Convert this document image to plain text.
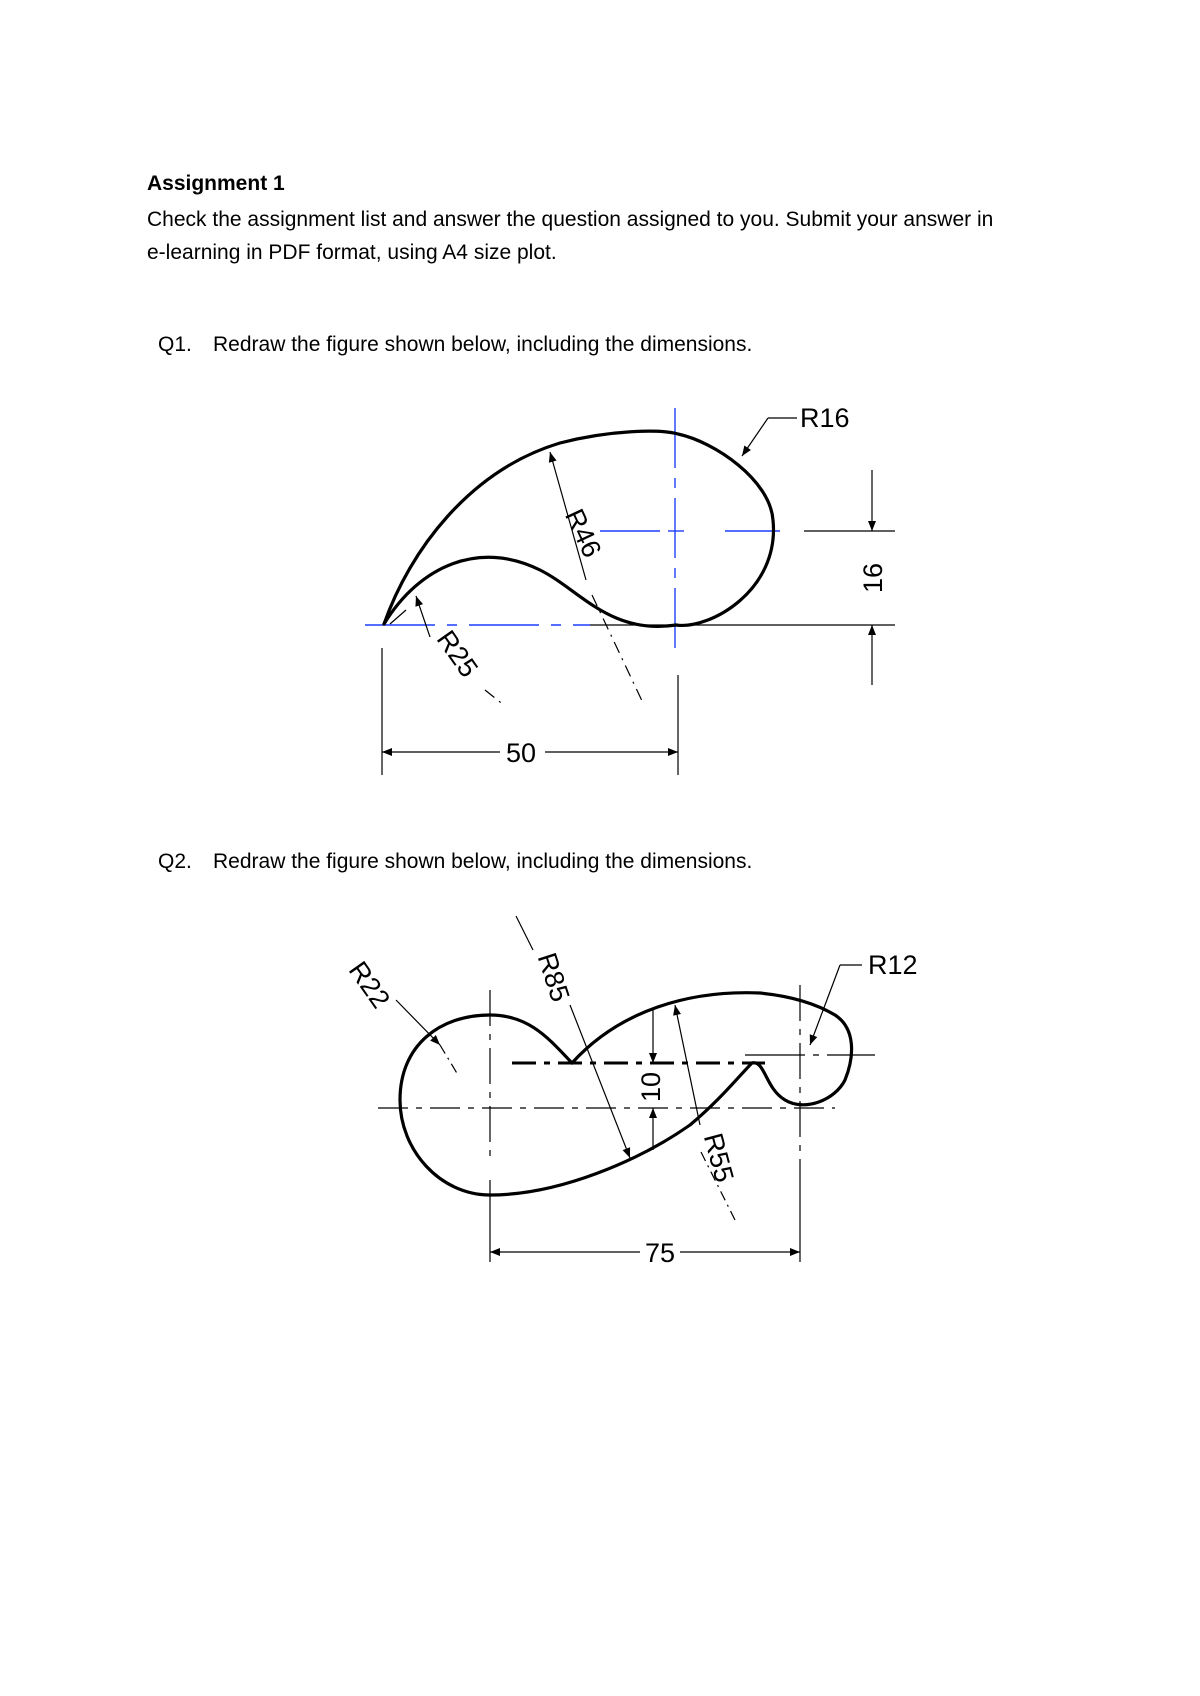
Assignment 1
Check the assignment list and answer the question assigned to you. Submit your answer in
e-learning in PDF format, using A4 size plot.
Q1. Redraw the figure shown below, including the dimensions.
Q2. Redraw the figure shown below, including the dimensions.
R16
50
16
R46
R25
R12
75
10
R85
R22
R55
